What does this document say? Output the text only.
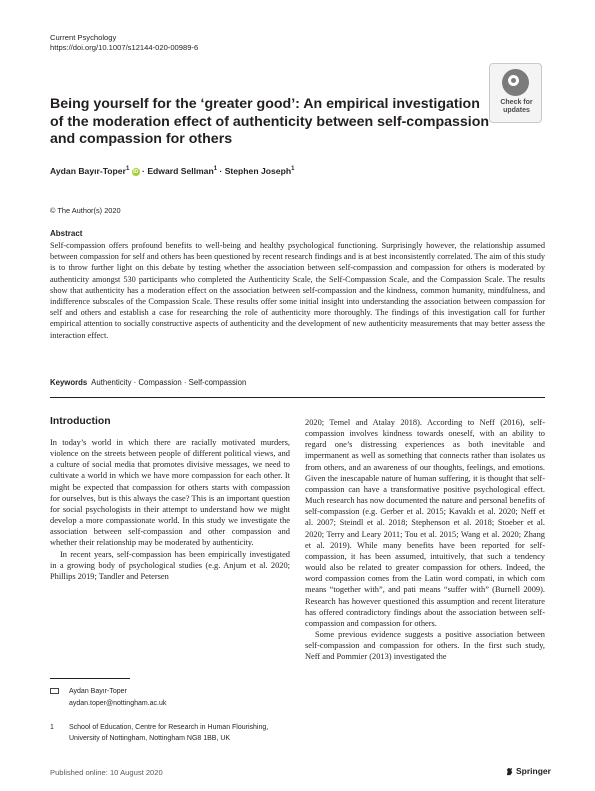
Current Psychology
https://doi.org/10.1007/s12144-020-00989-6
Check for
updates
Being yourself for the ‘greater good’: An empirical investigation of the moderation effect of authenticity between self-compassion and compassion for others
Aydan Bayır-Toper$^1$ iD · Edward Sellman$^1$ · Stephen Joseph$^1$
© The Author(s) 2020
Abstract
Self-compassion offers profound benefits to well-being and healthy psychological functioning. Surprisingly however, the relationship assumed between compassion for self and others has been questioned by recent research findings and is at best inconsistently correlated. The aim of this study is to throw further light on this debate by testing whether the association between self-compassion and compassion for others is moderated by authenticity amongst 530 participants who completed the Authenticity Scale, the Self-Compassion Scale, and the Compassion Scale. The results show that authenticity has a moderation effect on the association between self-compassion and the kindness, common humanity, mindfulness, and indifference subscales of the Compassion Scale. These results offer some initial insight into understanding the association between compassion for self and others and establish a case for researching the role of authenticity more thoroughly. The findings of this investigation call for further empirical attention to socially constructive aspects of authenticity and the development of new authenticity measurements that may better assess the interaction effect.
Keywords Authenticity · Compassion · Self-compassion
Introduction

In today’s world in which there are racially motivated murders, violence on the streets between people of different political views, and a culture of social media that promotes divisive messages, we need to cultivate a world in which we have more compassion for each other. It might be expected that compassion for others starts with compassion for ourselves, but is this always the case? This is an important question for social psychologists in their attempt to understand how we might develop a more compassionate world. In this study we investigate the association between self-compassion and other compassion and whether their relationship may be moderated by authenticity.

In recent years, self-compassion has been empirically investigated in a growing body of psychological studies (e.g. Anjum et al. 2020; Phillips 2019; Tandler and Petersen

2020; Temel and Atalay 2018). According to Neff (2016), self-compassion involves kindness towards oneself, with an ability to regard one’s distressing experiences as both inevitable and impermanent as well as something that connects rather than isolates us from others, and an awareness of our thoughts, feelings, and emotions. Given the inescapable nature of human suffering, it is thought that self-compassion can have a transformative positive psychological effect. Much research has now documented the nature and personal benefits of self-compassion (e.g. Gerber et al. 2015; Kavaklı et al. 2020; Neff et al. 2007; Steindl et al. 2018; Stephenson et al. 2018; Stoeber et al. 2020; Terry and Leary 2011; Tou et al. 2015; Wang et al. 2020; Zhang et al. 2019). While many benefits have been reported for self-compassion, it has been assumed, intuitively, that such a tendency would also be related to greater compassion for others. Indeed, the word compassion comes from the Latin word compati, in which com means “together with”, and pati means “suffer with” (Burnell 2009). Research has however questioned this assumption and recent literature has offered contradictory findings about the association between self-compassion and compassion for others.

Some previous evidence suggests a positive association between self-compassion and compassion for others. In the first such study, Neff and Pommier (2013) investigated the

Aydan Bayır-Toper
aydan.toper@nottingham.ac.uk
1 School of Education, Centre for Research in Human Flourishing,
University of Nottingham, Nottingham NG8 1BB, UK
Published online: 10 August 2020	Springer
